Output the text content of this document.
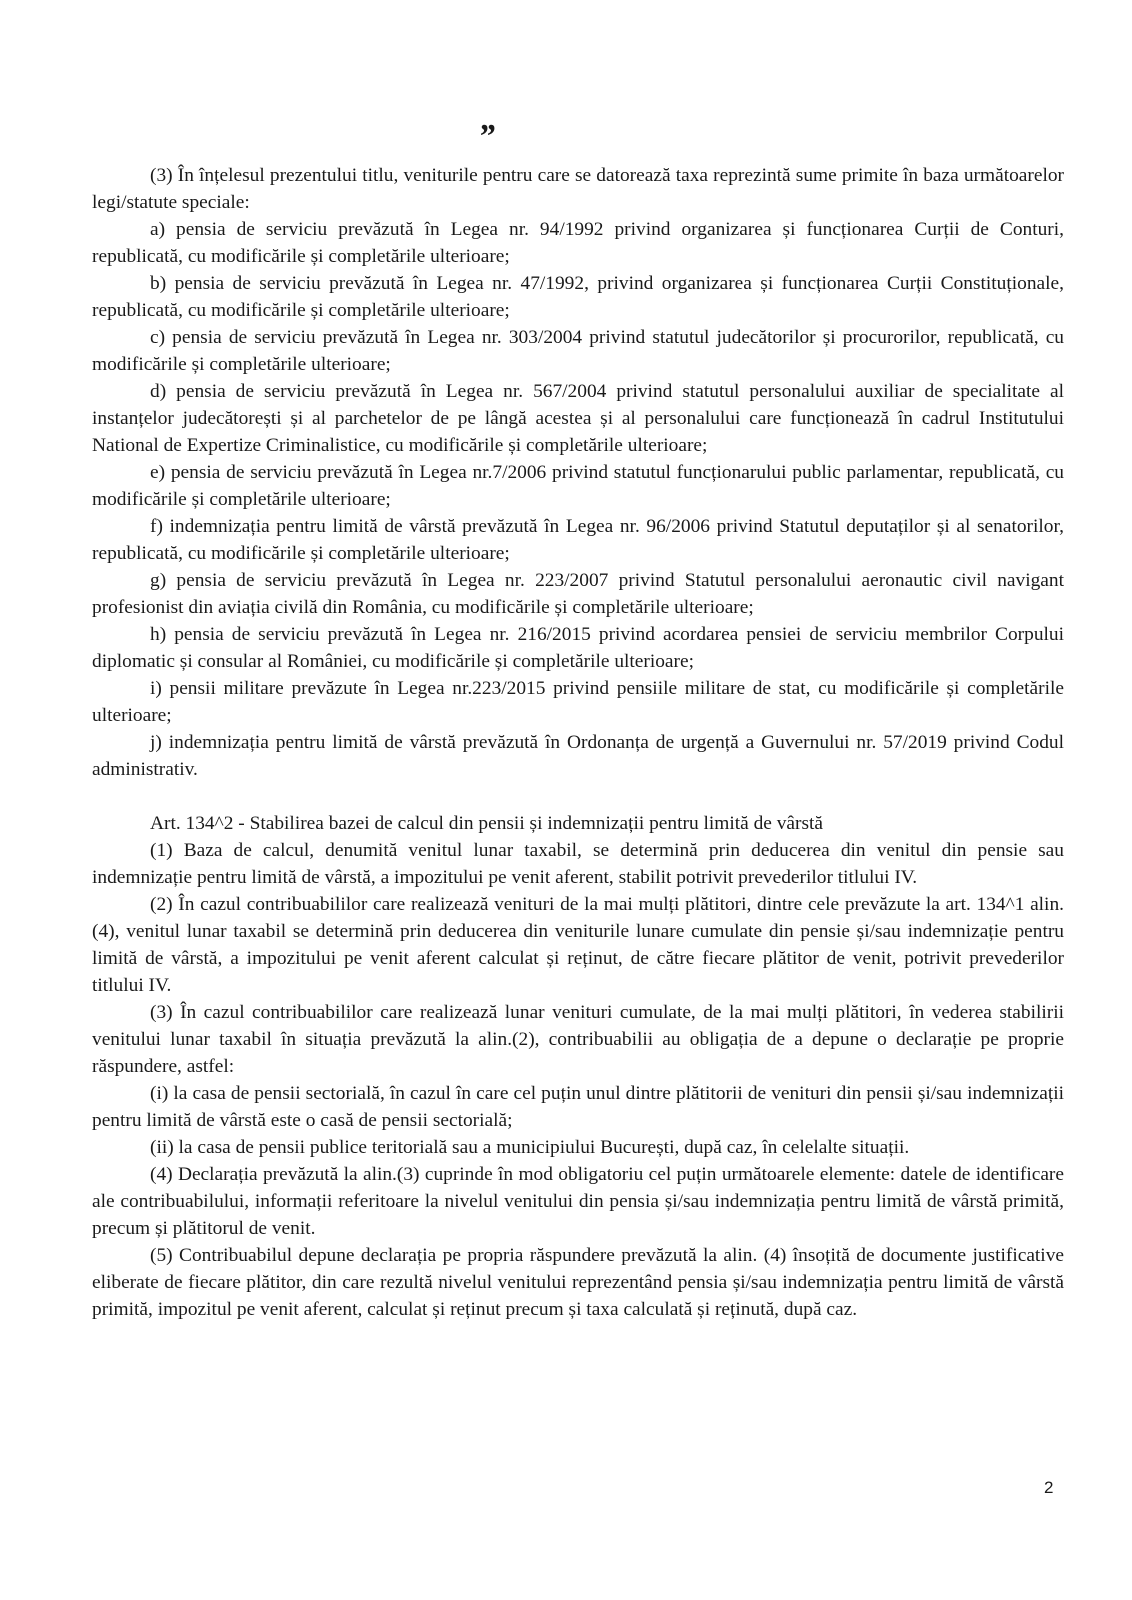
”

(3) În înțelesul prezentului titlu, veniturile pentru care se datorează taxa reprezintă sume primite în baza următoarelor legi/statute speciale:

a) pensia de serviciu prevăzută în Legea nr. 94/1992 privind organizarea și funcționarea Curții de Conturi, republicată, cu modificările și completările ulterioare;

b) pensia de serviciu prevăzută în Legea nr. 47/1992, privind organizarea și funcționarea Curții Constituționale, republicată, cu modificările și completările ulterioare;

c) pensia de serviciu prevăzută în Legea nr. 303/2004 privind statutul judecătorilor și procurorilor, republicată, cu modificările și completările ulterioare;

d) pensia de serviciu prevăzută în Legea nr. 567/2004 privind statutul personalului auxiliar de specialitate al instanțelor judecătorești și al parchetelor de pe lângă acestea și al personalului care funcționează în cadrul Institutului National de Expertize Criminalistice, cu modificările și completările ulterioare;

e) pensia de serviciu prevăzută în Legea nr.7/2006 privind statutul funcționarului public parlamentar, republicată, cu modificările și completările ulterioare;

f) indemnizația pentru limită de vârstă prevăzută în Legea nr. 96/2006 privind Statutul deputaților și al senatorilor, republicată, cu modificările și completările ulterioare;

g) pensia de serviciu prevăzută în Legea nr. 223/2007 privind Statutul personalului aeronautic civil navigant profesionist din aviația civilă din România, cu modificările și completările ulterioare;

h) pensia de serviciu prevăzută în Legea nr. 216/2015 privind acordarea pensiei de serviciu membrilor Corpului diplomatic și consular al României, cu modificările și completările ulterioare;

i) pensii militare prevăzute în Legea nr.223/2015 privind pensiile militare de stat, cu modificările și completările ulterioare;

j) indemnizația pentru limită de vârstă prevăzută în Ordonanța de urgență a Guvernului nr. 57/2019 privind Codul administrativ.

Art. 134^2 - Stabilirea bazei de calcul din pensii și indemnizații pentru limită de vârstă

(1) Baza de calcul, denumită venitul lunar taxabil, se determină prin deducerea din venitul din pensie sau indemnizație pentru limită de vârstă, a impozitului pe venit aferent, stabilit potrivit prevederilor titlului IV.

(2) În cazul contribuabililor care realizează venituri de la mai mulți plătitori, dintre cele prevăzute la art. 134^1 alin. (4), venitul lunar taxabil se determină prin deducerea din veniturile lunare cumulate din pensie și/sau indemnizație pentru limită de vârstă, a impozitului pe venit aferent calculat și reținut, de către fiecare plătitor de venit, potrivit prevederilor titlului IV.

(3) În cazul contribuabililor care realizează lunar venituri cumulate, de la mai mulți plătitori, în vederea stabilirii venitului lunar taxabil în situația prevăzută la alin.(2), contribuabilii au obligația de a depune o declarație pe proprie răspundere, astfel:

(i) la casa de pensii sectorială, în cazul în care cel puțin unul dintre plătitorii de venituri din pensii și/sau indemnizații pentru limită de vârstă este o casă de pensii sectorială;

(ii) la casa de pensii publice teritorială sau a municipiului București, după caz, în celelalte situații.

(4) Declarația prevăzută la alin.(3) cuprinde în mod obligatoriu cel puțin următoarele elemente: datele de identificare ale contribuabilului, informații referitoare la nivelul venitului din pensia și/sau indemnizația pentru limită de vârstă primită, precum și plătitorul de venit.

(5) Contribuabilul depune declarația pe propria răspundere prevăzută la alin. (4) însoțită de documente justificative eliberate de fiecare plătitor, din care rezultă nivelul venitului reprezentând pensia și/sau indemnizația pentru limită de vârstă primită, impozitul pe venit aferent, calculat și reținut precum și taxa calculată și reținută, după caz.

2
